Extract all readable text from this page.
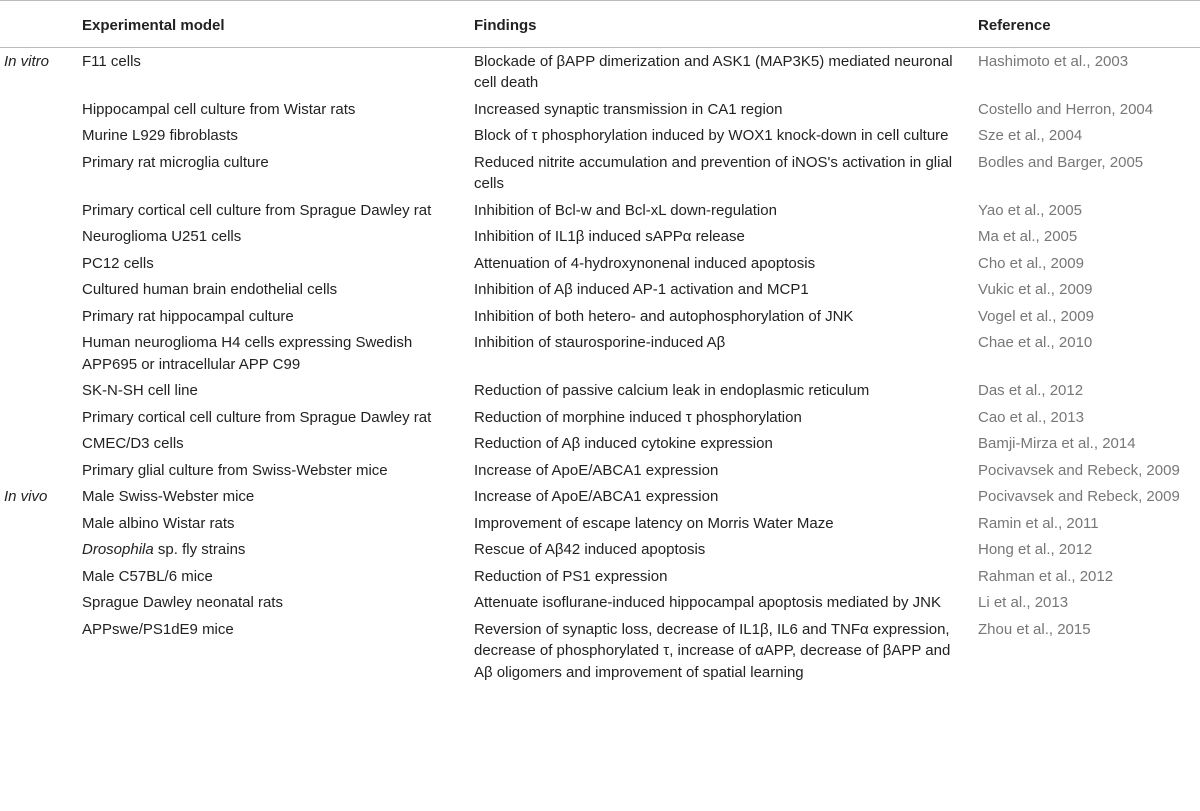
	Experimental model	Findings	Reference
In vitro	F11 cells	Blockade of βAPP dimerization and ASK1 (MAP3K5) mediated neuronal cell death	Hashimoto et al., 2003
	Hippocampal cell culture from Wistar rats	Increased synaptic transmission in CA1 region	Costello and Herron, 2004
	Murine L929 fibroblasts	Block of τ phosphorylation induced by WOX1 knock-down in cell culture	Sze et al., 2004
	Primary rat microglia culture	Reduced nitrite accumulation and prevention of iNOS's activation in glial cells	Bodles and Barger, 2005
	Primary cortical cell culture from Sprague Dawley rat	Inhibition of Bcl-w and Bcl-xL down-regulation	Yao et al., 2005
	Neuroglioma U251 cells	Inhibition of IL1β induced sAPPα release	Ma et al., 2005
	PC12 cells	Attenuation of 4-hydroxynonenal induced apoptosis	Cho et al., 2009
	Cultured human brain endothelial cells	Inhibition of Aβ induced AP-1 activation and MCP1	Vukic et al., 2009
	Primary rat hippocampal culture	Inhibition of both hetero- and autophosphorylation of JNK	Vogel et al., 2009
	Human neuroglioma H4 cells expressing Swedish APP695 or intracellular APP C99	Inhibition of staurosporine-induced Aβ	Chae et al., 2010
	SK-N-SH cell line	Reduction of passive calcium leak in endoplasmic reticulum	Das et al., 2012
	Primary cortical cell culture from Sprague Dawley rat	Reduction of morphine induced τ phosphorylation	Cao et al., 2013
	CMEC/D3 cells	Reduction of Aβ induced cytokine expression	Bamji-Mirza et al., 2014
	Primary glial culture from Swiss-Webster mice	Increase of ApoE/ABCA1 expression	Pocivavsek and Rebeck, 2009
In vivo	Male Swiss-Webster mice	Increase of ApoE/ABCA1 expression	Pocivavsek and Rebeck, 2009
	Male albino Wistar rats	Improvement of escape latency on Morris Water Maze	Ramin et al., 2011
	Drosophila sp. fly strains	Rescue of Aβ42 induced apoptosis	Hong et al., 2012
	Male C57BL/6 mice	Reduction of PS1 expression	Rahman et al., 2012
	Sprague Dawley neonatal rats	Attenuate isoflurane-induced hippocampal apoptosis mediated by JNK	Li et al., 2013
	APPswe/PS1dE9 mice	Reversion of synaptic loss, decrease of IL1β, IL6 and TNFα expression, decrease of phosphorylated τ, increase of αAPP, decrease of βAPP and Aβ oligomers and improvement of spatial learning	Zhou et al., 2015
